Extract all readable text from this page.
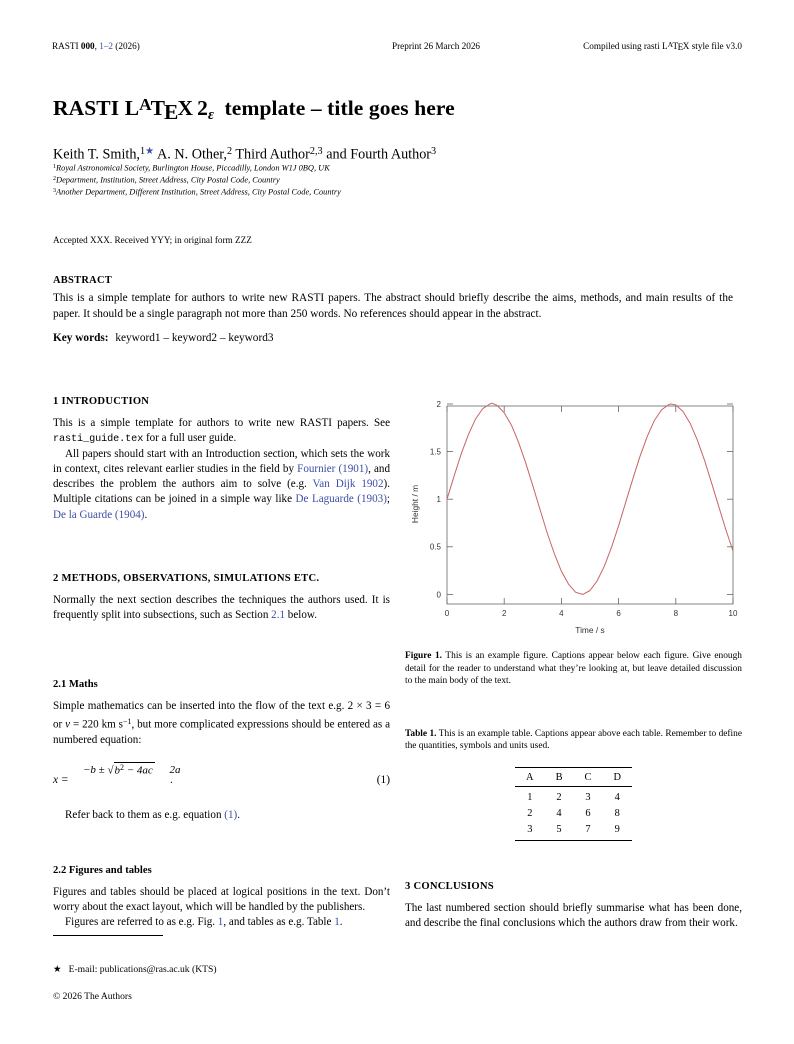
RASTI 000, 1–2 (2026)	Preprint 26 March 2026	Compiled using rasti $L^ATEX$ style file v3.0
RASTI $L^ATEX$ 2ε template – title goes here
Keith T. Smith,$^{1★}$ A. N. Other,$^2$ Third Author$^{2,3}$ and Fourth Author$^3$
$^1$Royal Astronomical Society, Burlington House, Piccadilly, London W1J 0BQ, UK
$^2$Department, Institution, Street Address, City Postal Code, Country
$^3$Another Department, Different Institution, Street Address, City Postal Code, Country
Accepted XXX. Received YYY; in original form ZZZ
ABSTRACT
This is a simple template for authors to write new RASTI papers. The abstract should briefly describe the aims, methods, and main results of the paper. It should be a single paragraph not more than 250 words. No references should appear in the abstract.
Key words: keyword1 – keyword2 – keyword3
1 INTRODUCTION

This is a simple template for authors to write new RASTI papers. See rasti_guide.tex for a full user guide.

All papers should start with an Introduction section, which sets the work in context, cites relevant earlier studies in the field by Fournier (1901), and describes the problem the authors aim to solve (e.g. Van Dijk 1902). Multiple citations can be joined in a simple way like De Laguarde (1903); De la Guarde (1904).

2 METHODS, OBSERVATIONS, SIMULATIONS ETC.

Normally the next section describes the techniques the authors used. It is frequently split into subsections, such as Section 2.1 below.

2.1 Maths

Simple mathematics can be inserted into the flow of the text e.g. 2 × 3 = 6 or v = 220 km $s^{-1}$, but more complicated expressions should be entered as a numbered equation:

x =
$-b \pm √b^2 - 4ac$ 2a
.	(1)

Refer back to them as e.g. equation (1).

2.2 Figures and tables

Figures and tables should be placed at logical positions in the text. Don’t worry about the exact layout, which will be handled by the publishers.

Figures are referred to as e.g. Fig. 1, and tables as e.g. Table 1.

0	2	4	6	8	10
0
0.5
1
1.5
2
Time / s
Height / m
Figure 1. This is an example figure. Captions appear below each figure. Give enough detail for the reader to understand what they’re looking at, but leave detailed discussion to the main body of the text.
Table 1. This is an example table. Captions appear above each table. Remember to define the quantities, symbols and units used.
A	B	C	D
1	2	3	4
2	4	6	8
3	5	7	9

3 CONCLUSIONS

The last numbered section should briefly summarise what has been done, and describe the final conclusions which the authors draw from their work.

★ E-mail: publications@ras.ac.uk (KTS)
© 2026 The Authors
